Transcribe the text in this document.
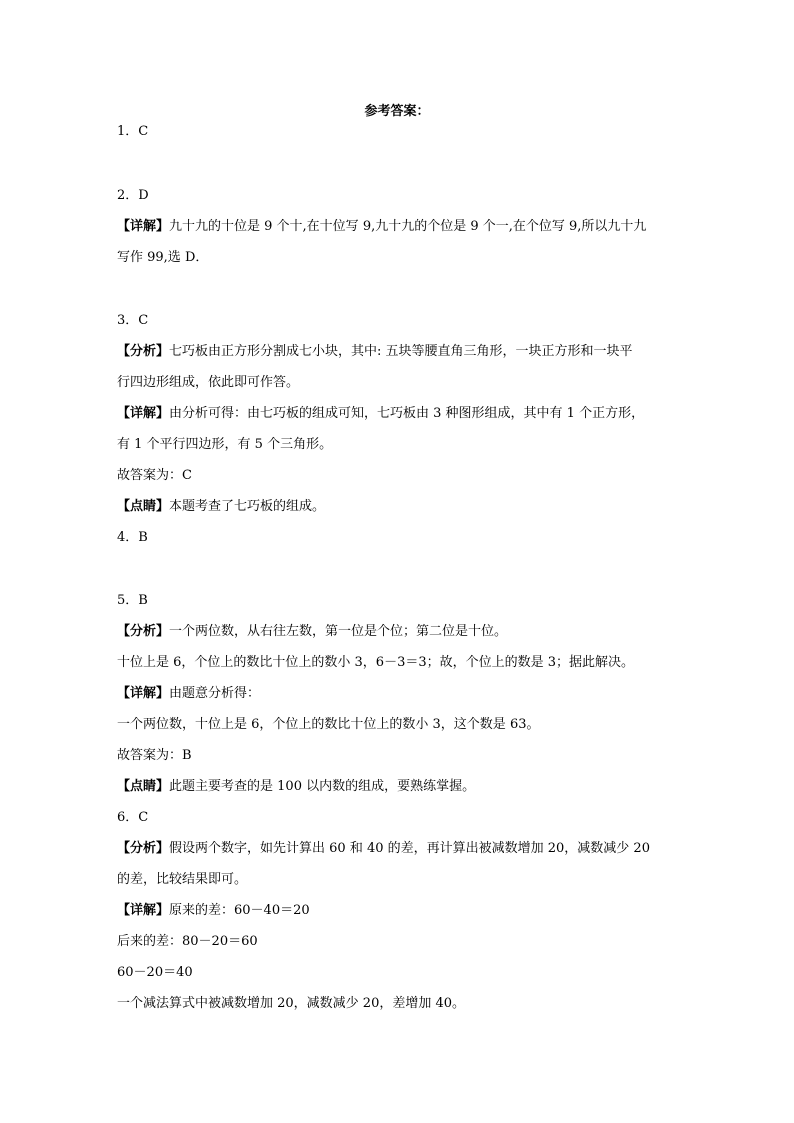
参考答案：
1．C
2．D
【详解】九十九的十位是 9 个十,在十位写 9,九十九的个位是 9 个一,在个位写 9,所以九十九
写作 99,选 D．
3．C
【分析】七巧板由正方形分割成七小块，其中: 五块等腰直角三角形，一块正方形和一块平
行四边形组成，依此即可作答。
【详解】由分析可得：由七巧板的组成可知，七巧板由 3 种图形组成，其中有 1 个正方形，
有 1 个平行四边形，有 5 个三角形。
故答案为：C
【点睛】本题考查了七巧板的组成。
4．B
5．B
【分析】一个两位数，从右往左数，第一位是个位；第二位是十位。
十位上是 6，个位上的数比十位上的数小 3，6－3＝3；故，个位上的数是 3；据此解决。
【详解】由题意分析得：
一个两位数，十位上是 6，个位上的数比十位上的数小 3，这个数是 63。
故答案为：B
【点睛】此题主要考查的是 100 以内数的组成，要熟练掌握。
6．C
【分析】假设两个数字，如先计算出 60 和 40 的差，再计算出被减数增加 20，减数减少 20
的差，比较结果即可。
【详解】原来的差：60－40＝20
后来的差：80－20＝60
60－20＝40
一个减法算式中被减数增加 20，减数减少 20，差增加 40。
